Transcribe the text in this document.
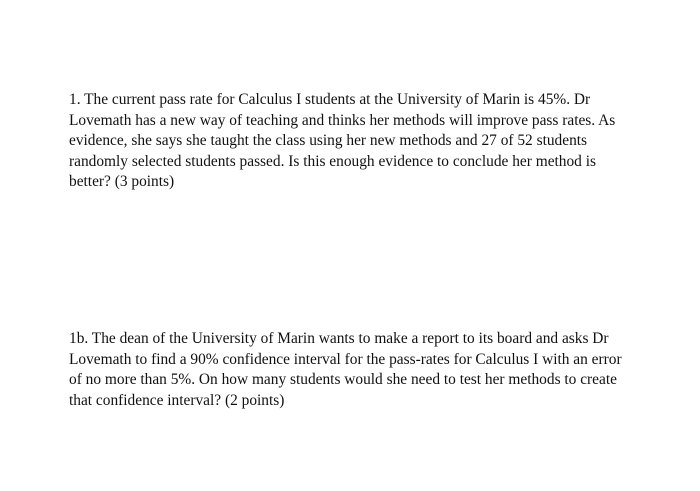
1. The current pass rate for Calculus I students at the University of Marin is 45%. Dr
Lovemath has a new way of teaching and thinks her methods will improve pass rates. As
evidence, she says she taught the class using her new methods and 27 of 52 students
randomly selected students passed. Is this enough evidence to conclude her method is
better? (3 points)

1b. The dean of the University of Marin wants to make a report to its board and asks Dr
Lovemath to find a 90% confidence interval for the pass-rates for Calculus I with an error
of no more than 5%. On how many students would she need to test her methods to create
that confidence interval? (2 points)
